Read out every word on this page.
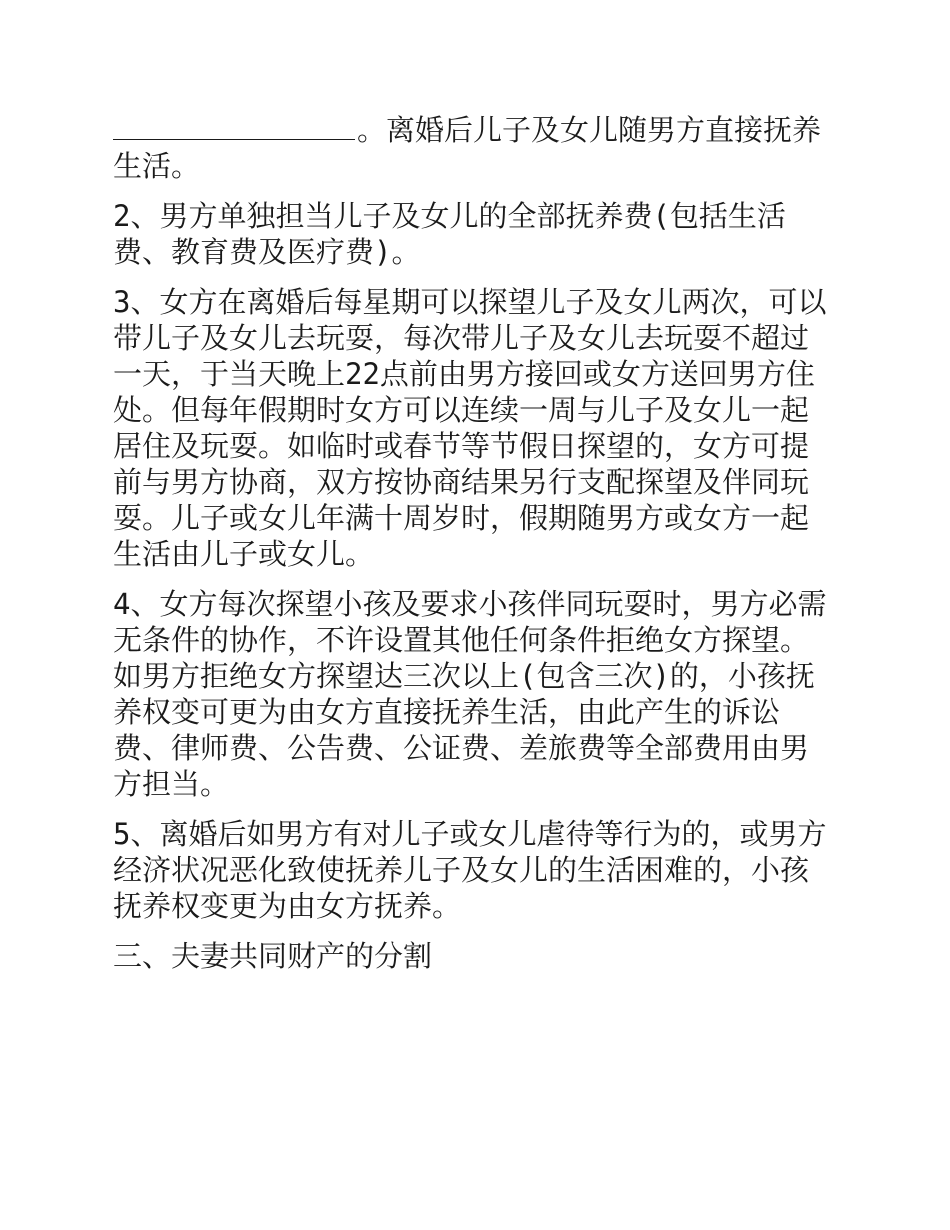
。离婚后儿子及女儿随男方直接抚养生活。

2、男方单独担当儿子及女儿的全部抚养费(包括生活费、教育费及医疗费)。

3、女方在离婚后每星期可以探望儿子及女儿两次，可以带儿子及女儿去玩耍，每次带儿子及女儿去玩耍不超过一天，于当天晚上22点前由男方接回或女方送回男方住处。但每年假期时女方可以连续一周与儿子及女儿一起居住及玩耍。如临时或春节等节假日探望的，女方可提前与男方协商，双方按协商结果另行支配探望及伴同玩耍。儿子或女儿年满十周岁时，假期随男方或女方一起生活由儿子或女儿。

4、女方每次探望小孩及要求小孩伴同玩耍时，男方必需无条件的协作，不许设置其他任何条件拒绝女方探望。如男方拒绝女方探望达三次以上(包含三次)的，小孩抚养权变可更为由女方直接抚养生活，由此产生的诉讼费、律师费、公告费、公证费、差旅费等全部费用由男方担当。

5、离婚后如男方有对儿子或女儿虐待等行为的，或男方经济状况恶化致使抚养儿子及女儿的生活困难的，小孩抚养权变更为由女方抚养。

三、夫妻共同财产的分割
